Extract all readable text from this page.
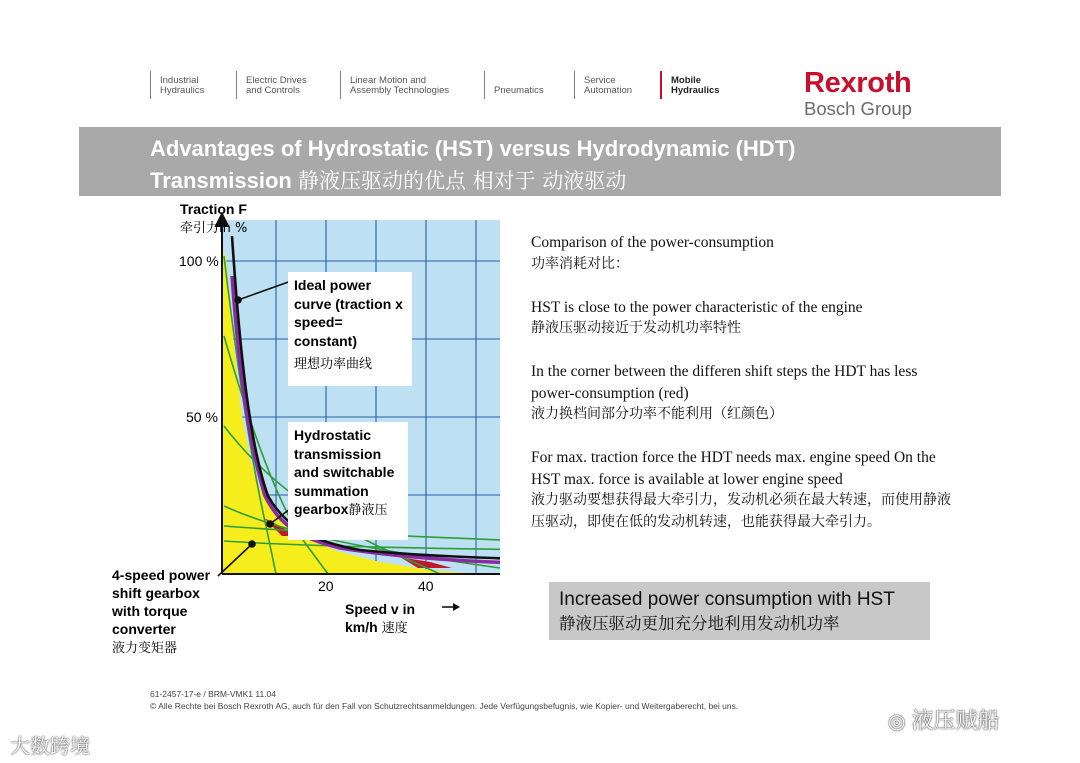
Industrial
Hydraulics
Electric Drives
and Controls
Linear Motion and
Assembly Technologies	Pneumatics
Service
Automation
Mobile
Hydraulics	Rexroth
Bosch Group
Advantages of Hydrostatic (HST) versus Hydrodynamic (HDT)
Transmission 静液压驱动的优点 相对于 动液驱动
Traction F
牵引力in %
100 %
50 %
20	40
Ideal power curve (traction x speed= constant)
理想功率曲线
Hydrostatic transmission and switchable summation gearbox静液压
4-speed power shift gearbox with torque converter
液力变矩器
Speed v in
km/h 速度

Comparison of the power-consumption
功率消耗对比：

HST is close to the power characteristic of the engine
静液压驱动接近于发动机功率特性

In the corner between the differen shift steps the HDT has less power-consumption (red)
液力换档间部分功率不能利用（红颜色）

For max. traction force the HDT needs max. engine speed On the HST max. force is available at lower engine speed
液力驱动要想获得最大牵引力，发动机必须在最大转速，而使用静液压驱动，即使在低的发动机转速，也能获得最大牵引力。

Increased power consumption with HST
静液压驱动更加充分地利用发动机功率
61-2457-17-e / BRM-VMK1 11.04
© Alle Rechte bei Bosch Rexroth AG, auch für den Fall von Schutzrechtsanmeldungen. Jede Verfügungsbefugnis, wie Kopier- und Weitergaberecht, bei uns.
大数跨境
◎ 液压贼船
